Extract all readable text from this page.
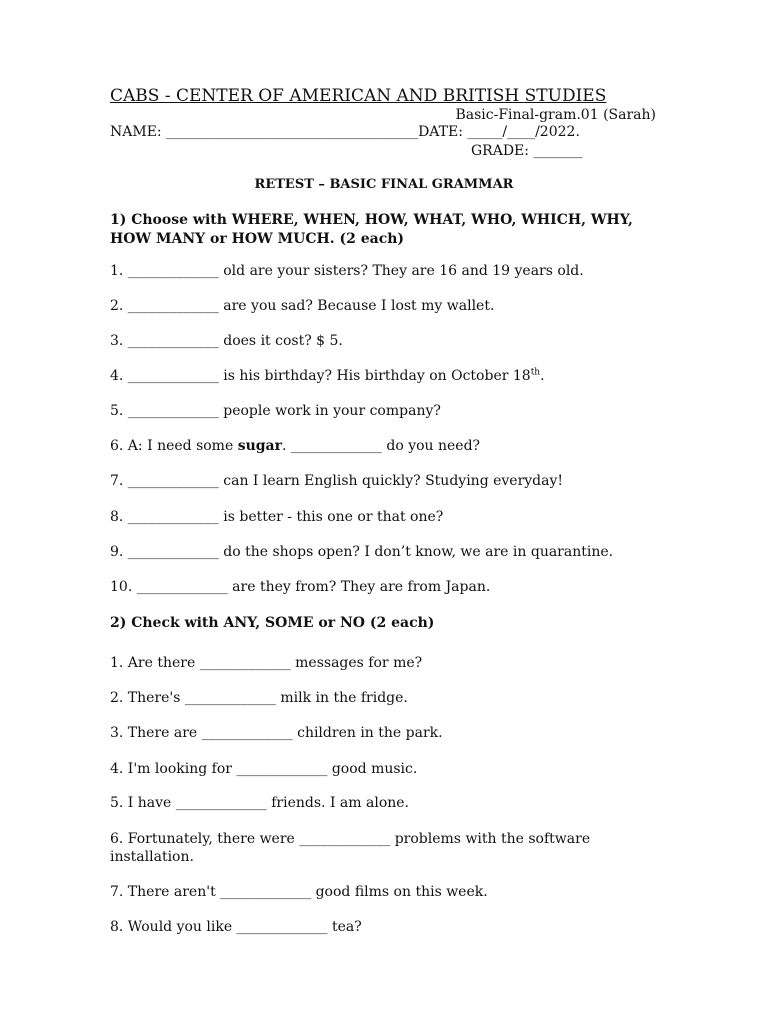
CABS - CENTER OF AMERICAN AND BRITISH STUDIES
Basic-Final-gram.01 (Sarah)
NAME: ____________________________________DATE: _____/____/2022.
GRADE: _______
RETEST – BASIC FINAL GRAMMAR
1) Choose with WHERE, WHEN, HOW, WHAT, WHO, WHICH, WHY, HOW MANY or HOW MUCH. (2 each)
1. _____________ old are your sisters? They are 16 and 19 years old.
2. _____________ are you sad? Because I lost my wallet.
3. _____________ does it cost? $ 5.
4. _____________ is his birthday? His birthday on October 18th.
5. _____________ people work in your company?
6. A: I need some sugar. _____________ do you need?
7. _____________ can I learn English quickly? Studying everyday!
8. _____________ is better - this one or that one?
9. _____________ do the shops open? I don’t know, we are in quarantine.
10. _____________ are they from? They are from Japan.
2) Check with ANY, SOME or NO (2 each)
1. Are there _____________ messages for me?
2. There's _____________ milk in the fridge.
3. There are _____________ children in the park.
4. I'm looking for _____________ good music.
5. I have _____________ friends. I am alone.
6. Fortunately, there were _____________ problems with the software installation.
7. There aren't _____________ good films on this week.
8. Would you like _____________ tea?
